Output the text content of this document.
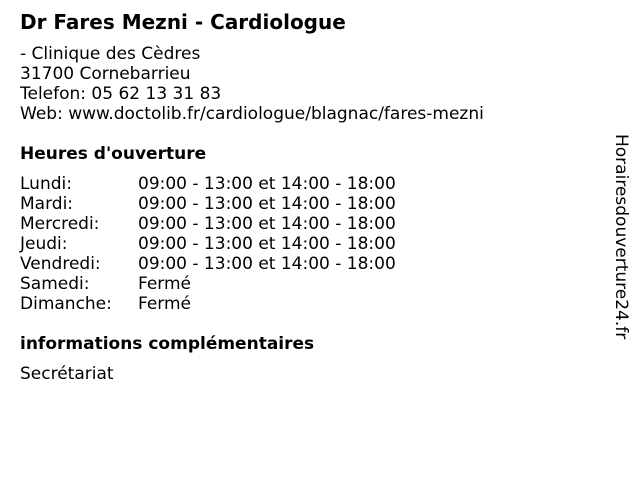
Dr Fares Mezni - Cardiologue
- Clinique des Cèdres
31700 Cornebarrieu
Telefon: 05 62 13 31 83
Web: www.doctolib.fr/cardiologue/blagnac/fares-mezni
Heures d'ouverture
Lundi:	09:00 - 13:00 et 14:00 - 18:00
Mardi:	09:00 - 13:00 et 14:00 - 18:00
Mercredi: 09:00 - 13:00 et 14:00 - 18:00
Jeudi:	09:00 - 13:00 et 14:00 - 18:00
Vendredi: 09:00 - 13:00 et 14:00 - 18:00
Samedi:	Fermé
Dimanche: Fermé
informations complémentaires
Secrétariat
Horairesdouverture24.fr
